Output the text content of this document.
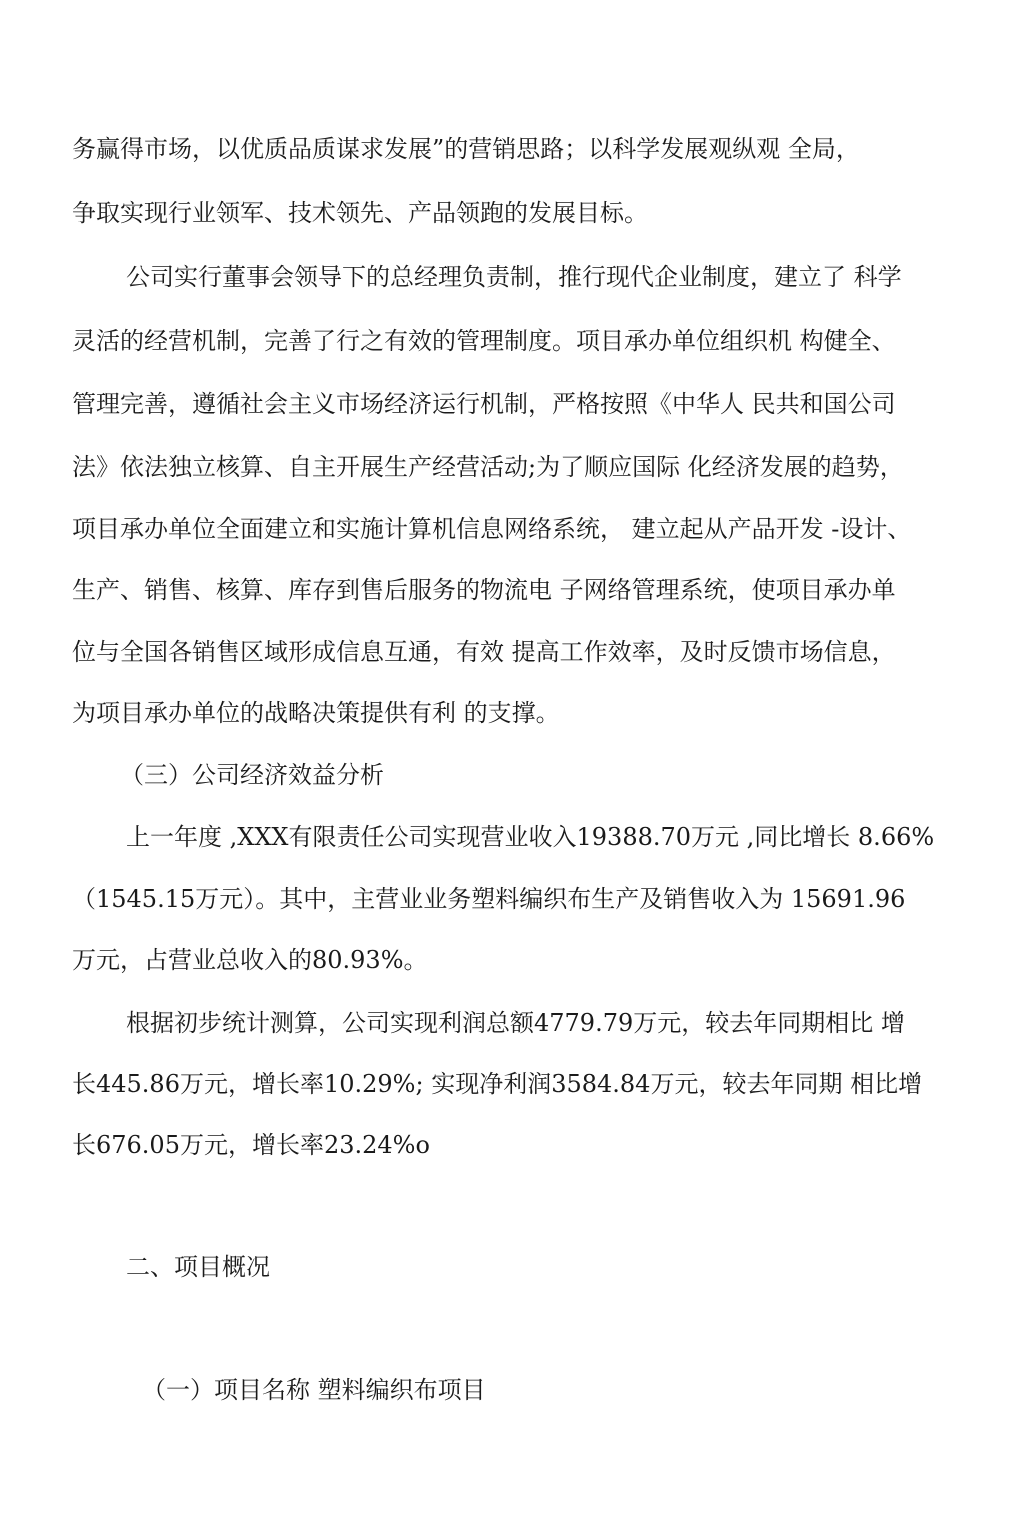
务赢得市场，以优质品质谋求发展”的营销思路；以科学发展观纵观 全局，

争取实现行业领军、技术领先、产品领跑的发展目标。

公司实行董事会领导下的总经理负责制，推行现代企业制度，建立了 科学

灵活的经营机制，完善了行之有效的管理制度。项目承办单位组织机 构健全、

管理完善，遵循社会主义市场经济运行机制，严格按照《中华人 民共和国公司

法》依法独立核算、自主开展生产经营活动;为了顺应国际 化经济发展的趋势，

项目承办单位全面建立和实施计算机信息网络系统， 建立起从产品开发 -设计、

生产、销售、核算、库存到售后服务的物流电 子网络管理系统，使项目承办单

位与全国各销售区域形成信息互通，有效 提高工作效率，及时反馈市场信息，

为项目承办单位的战略决策提供有利 的支撑。

（三）公司经济效益分析

上一年度 ,XXX有限责任公司实现营业收入19388.70万元 ,同比增长 8.66%

（1545.15万元）。其中，主营业业务塑料编织布生产及销售收入为 15691.96

万元，占营业总收入的80.93%。

根据初步统计测算，公司实现利润总额4779.79万元，较去年同期相比 增

长445.86万元，增长率10.29%; 实现净利润3584.84万元，较去年同期 相比增

长676.05万元，增长率23.24%o

二、项目概况

（一）项目名称 塑料编织布项目
